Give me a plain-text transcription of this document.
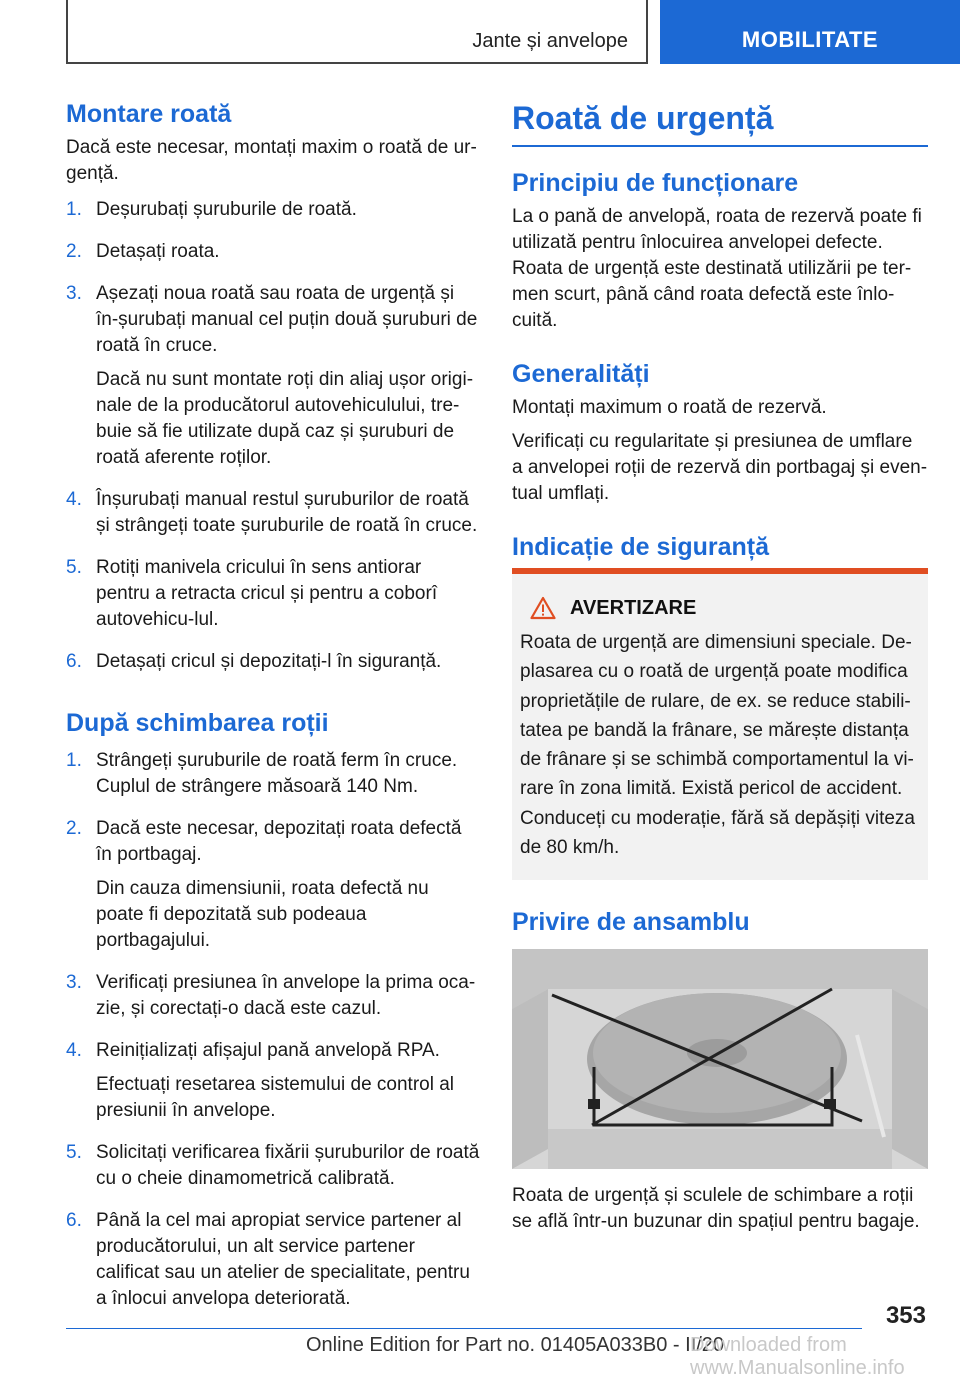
Jante și anvelope	MOBILITATE
Montare roată

Dacă este necesar, montați maxim o roată de ur-gență.

1. Deșurubați șuruburile de roată.

2. Detașați roata.

3. Așezați noua roată sau roata de urgență și în-șurubați manual cel puțin două șuruburi de roată în cruce.

Dacă nu sunt montate roți din aliaj ușor origi-nale de la producătorul autovehiculului, tre-buie să fie utilizate după caz și șuruburi de roată aferente roților.

4. Înșurubați manual restul șuruburilor de roată și strângeți toate șuruburile de roată în cruce.

5. Rotiți manivela cricului în sens antiorar pentru a retracta cricul și pentru a coborî autovehicu-lul.

6. Detașați cricul și depozitați-l în siguranță.

După schimbarea roții
1. Strângeți șuruburile de roată ferm în cruce. Cuplul de strângere măsoară 140 Nm.

2. Dacă este necesar, depozitați roata defectă în portbagaj.

Din cauza dimensiunii, roata defectă nu poate fi depozitată sub podeaua portbagajului.

3. Verificați presiunea în anvelope la prima oca-zie, și corectați-o dacă este cazul.

4. Reinițializați afișajul pană anvelopă RPA.

Efectuați resetarea sistemului de control al presiunii în anvelope.

5. Solicitați verificarea fixării șuruburilor de roată cu o cheie dinamometrică calibrată.

6. Până la cel mai apropiat service partener al producătorului, un alt service partener calificat sau un atelier de specialitate, pentru a înlocui anvelopa deteriorată.

Roată de urgență
Principiu de funcționare

La o pană de anvelopă, roata de rezervă poate fi utilizată pentru înlocuirea anvelopei defecte. Roata de urgență este destinată utilizării pe ter-men scurt, până când roata defectă este înlo-cuită.

Generalități

Montați maximum o roată de rezervă.

Verificați cu regularitate și presiunea de umflare a anvelopei roții de rezervă din portbagaj și even-tual umflați.

Indicație de siguranță
AVERTIZARE

Roata de urgență are dimensiuni speciale. De-plasarea cu o roată de urgență poate modifica proprietățile de rulare, de ex. se reduce stabili-tatea pe bandă la frânare, se mărește distanța de frânare și se schimbă comportamentul la vi-rare în zona limită. Există pericol de accident. Conduceți cu moderație, fără să depășiți viteza de 80 km/h.

Privire de ansamblu

Roata de urgență și sculele de schimbare a roții se află într-un buzunar din spațiul pentru bagaje.

353
Online Edition for Part no. 01405A033B0 - II/20
Downloaded from www.Manualsonline.info
